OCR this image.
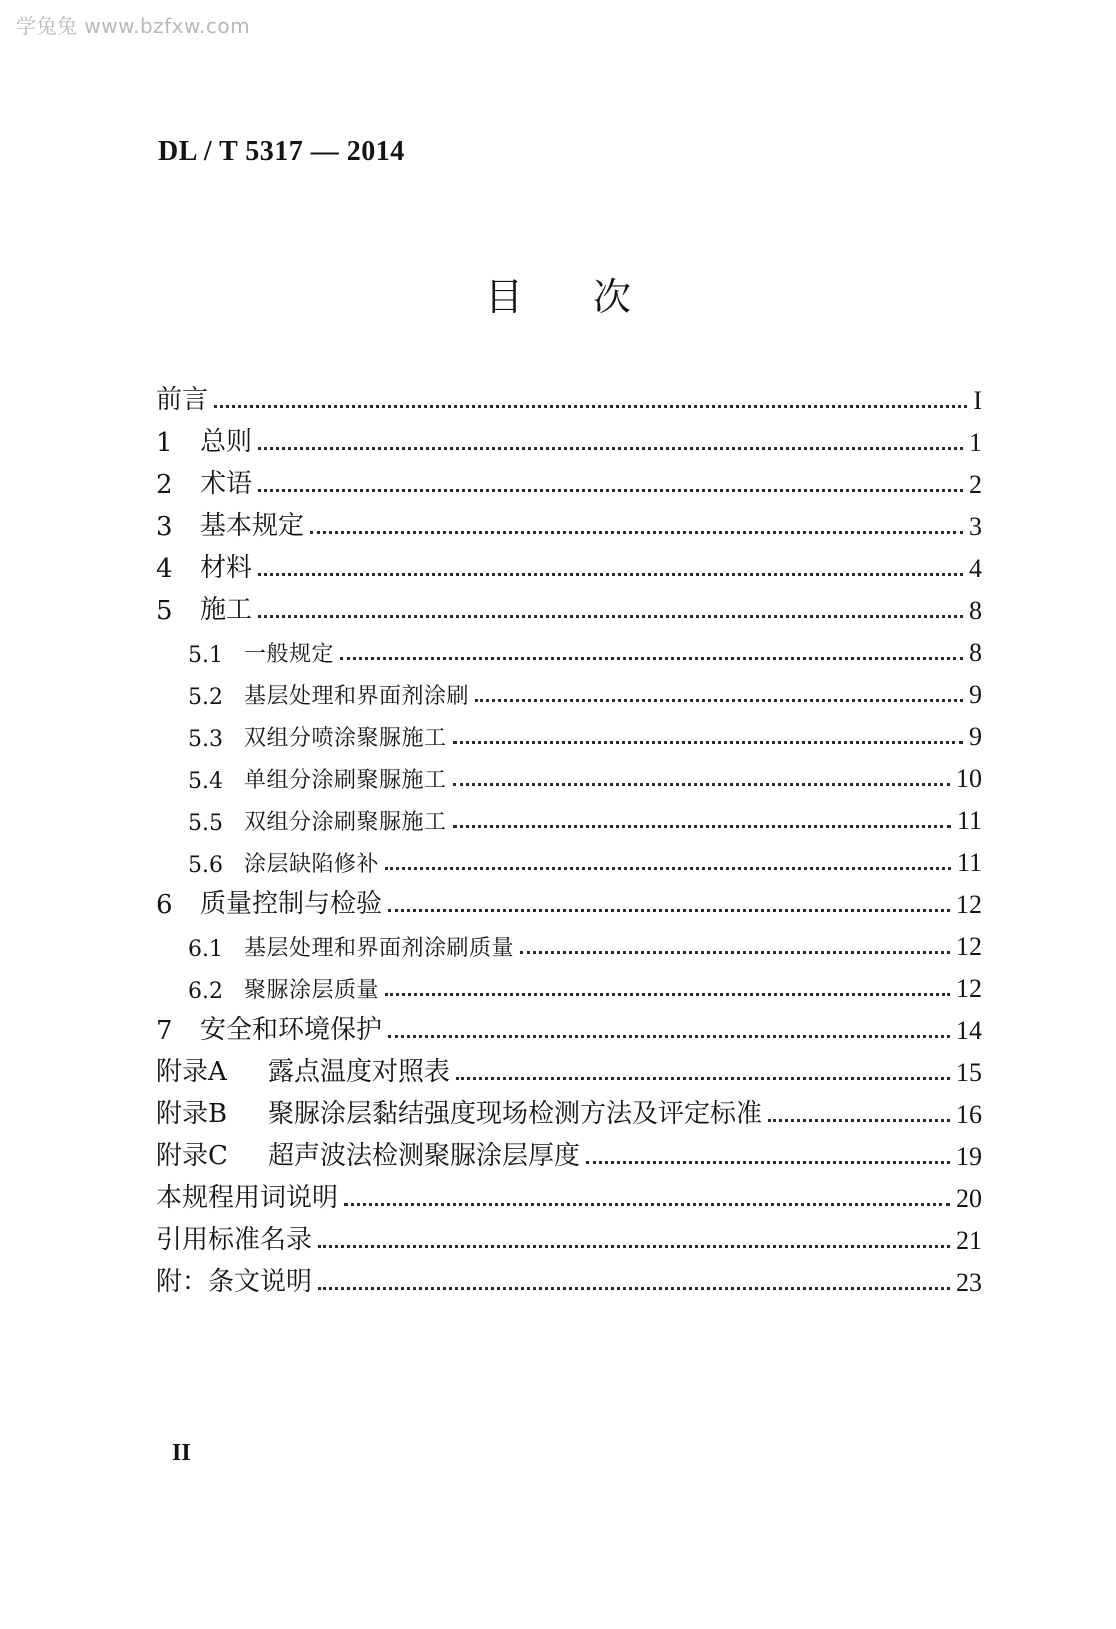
学兔兔 www.bzfxw.com
DL / T 5317 — 2014
目次
前言	I
1	总则	1
2	术语	2
3	基本规定	3
4	材料	4
5	施工	8
5.1 一般规定	8
5.2 基层处理和界面剂涂刷	9
5.3 双组分喷涂聚脲施工	9
5.4 单组分涂刷聚脲施工	10
5.5 双组分涂刷聚脲施工	11
5.6 涂层缺陷修补	11
6	质量控制与检验	12
6.1 基层处理和界面剂涂刷质量	12
6.2 聚脲涂层质量	12
7	安全和环境保护	14
附录A	露点温度对照表	15
附录B	聚脲涂层黏结强度现场检测方法及评定标准	16
附录C	超声波法检测聚脲涂层厚度	19
本规程用词说明	20
引用标准名录	21
附：条文说明	23
II
